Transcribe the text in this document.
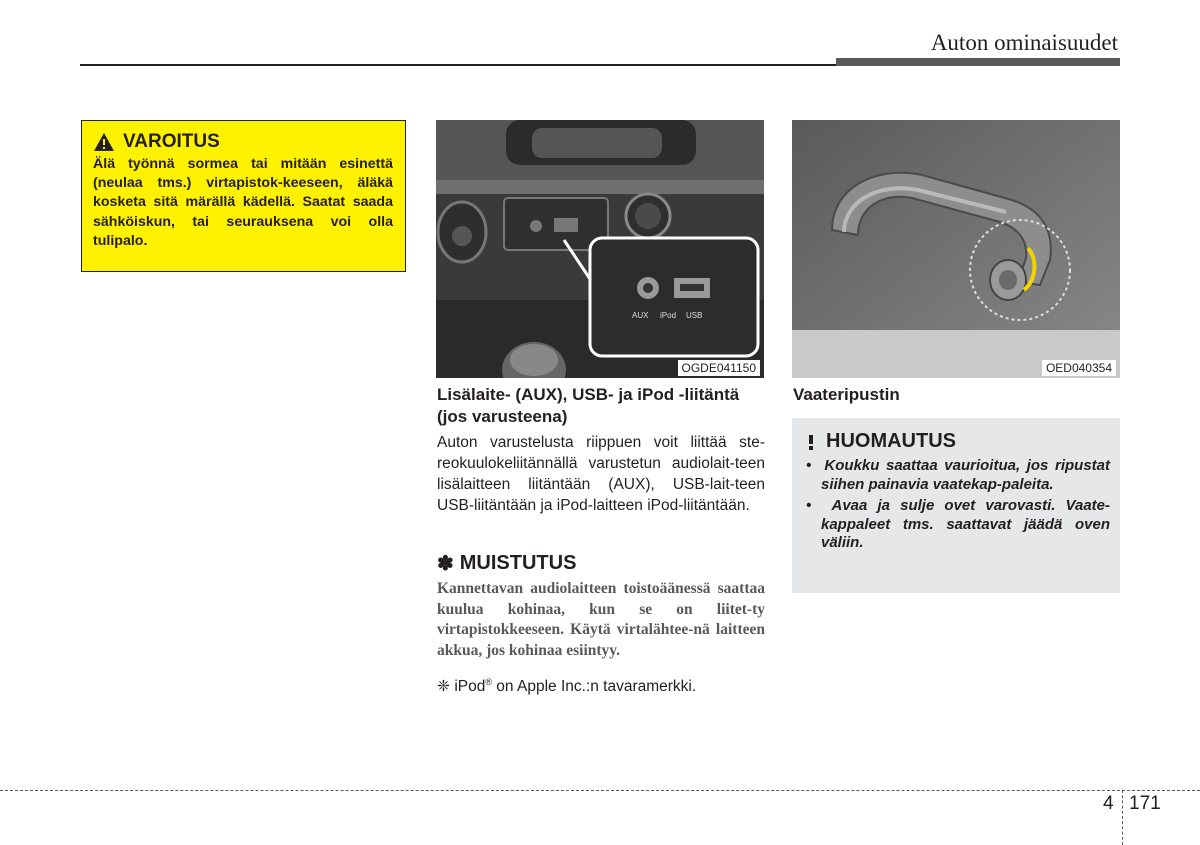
Auton ominaisuudet
VAROITUS
Älä työnnä sormea tai mitään esinettä (neulaa tms.) virtapistok-keeseen, äläkä kosketa sitä märällä kädellä. Saatat saada sähköiskun, tai seurauksena voi olla tulipalo.
AUX iPod USB
OGDE041150	OED040354
Lisälaite- (AUX), USB- ja iPod -liitäntä (jos varusteena)
Auton varustelusta riippuen voit liittää ste-reokuulokeliitännällä varustetun audiolait-teen lisälaitteen liitäntään (AUX), USB-lait-teen USB-liitäntään ja iPod-laitteen iPod-liitäntään.
✽ MUISTUTUS
Kannettavan audiolaitteen toistoäänessä saattaa kuulua kohinaa, kun se on liitet-ty virtapistokkeeseen. Käytä virtalähtee-nä laitteen akkua, jos kohinaa esiintyy.
❈ iPod® on Apple Inc.:n tavaramerkki.
Vaateripustin
HUOMAUTUS
•  Koukku saattaa vaurioitua, jos ripustat siihen painavia vaatekap-paleita.
•  Avaa ja sulje ovet varovasti. Vaate-kappaleet tms. saattavat jäädä oven väliin.
4 171
